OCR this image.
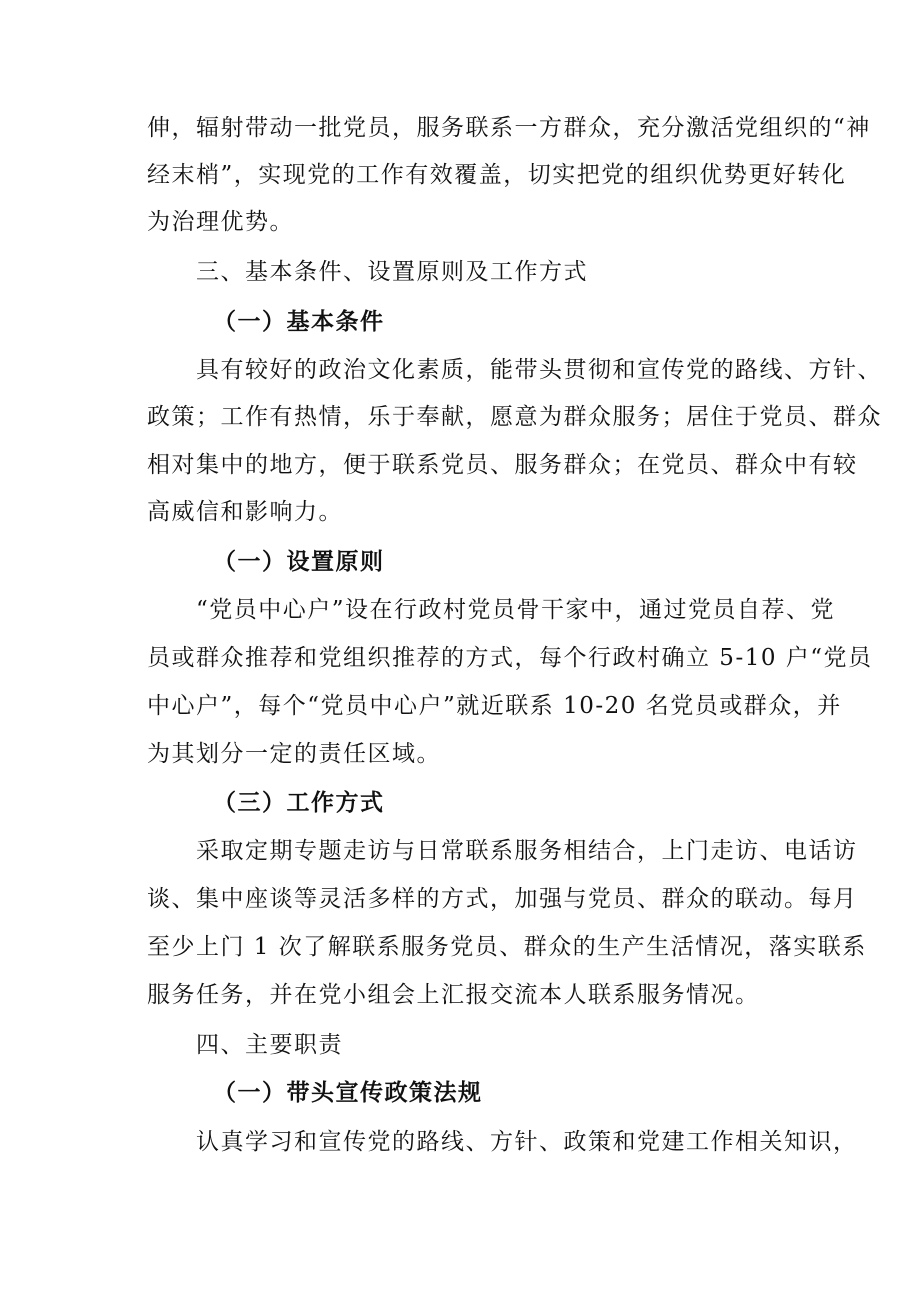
伸，辐射带动一批党员，服务联系一方群众，充分激活党组织的“神
经末梢”，实现党的工作有效覆盖，切实把党的组织优势更好转化
为治理优势。
三、基本条件、设置原则及工作方式
（一）基本条件
具有较好的政治文化素质，能带头贯彻和宣传党的路线、方针、
政策；工作有热情，乐于奉献，愿意为群众服务；居住于党员、群众
相对集中的地方，便于联系党员、服务群众；在党员、群众中有较
高威信和影响力。
（一）设置原则
“党员中心户”设在行政村党员骨干家中，通过党员自荐、党
员或群众推荐和党组织推荐的方式，每个行政村确立 5-10 户“党员
中心户”，每个“党员中心户”就近联系 10-20 名党员或群众，并
为其划分一定的责任区域。
（三）工作方式
采取定期专题走访与日常联系服务相结合，上门走访、电话访
谈、集中座谈等灵活多样的方式，加强与党员、群众的联动。每月
至少上门 1 次了解联系服务党员、群众的生产生活情况，落实联系
服务任务，并在党小组会上汇报交流本人联系服务情况。
四、主要职责
（一）带头宣传政策法规
认真学习和宣传党的路线、方针、政策和党建工作相关知识，
